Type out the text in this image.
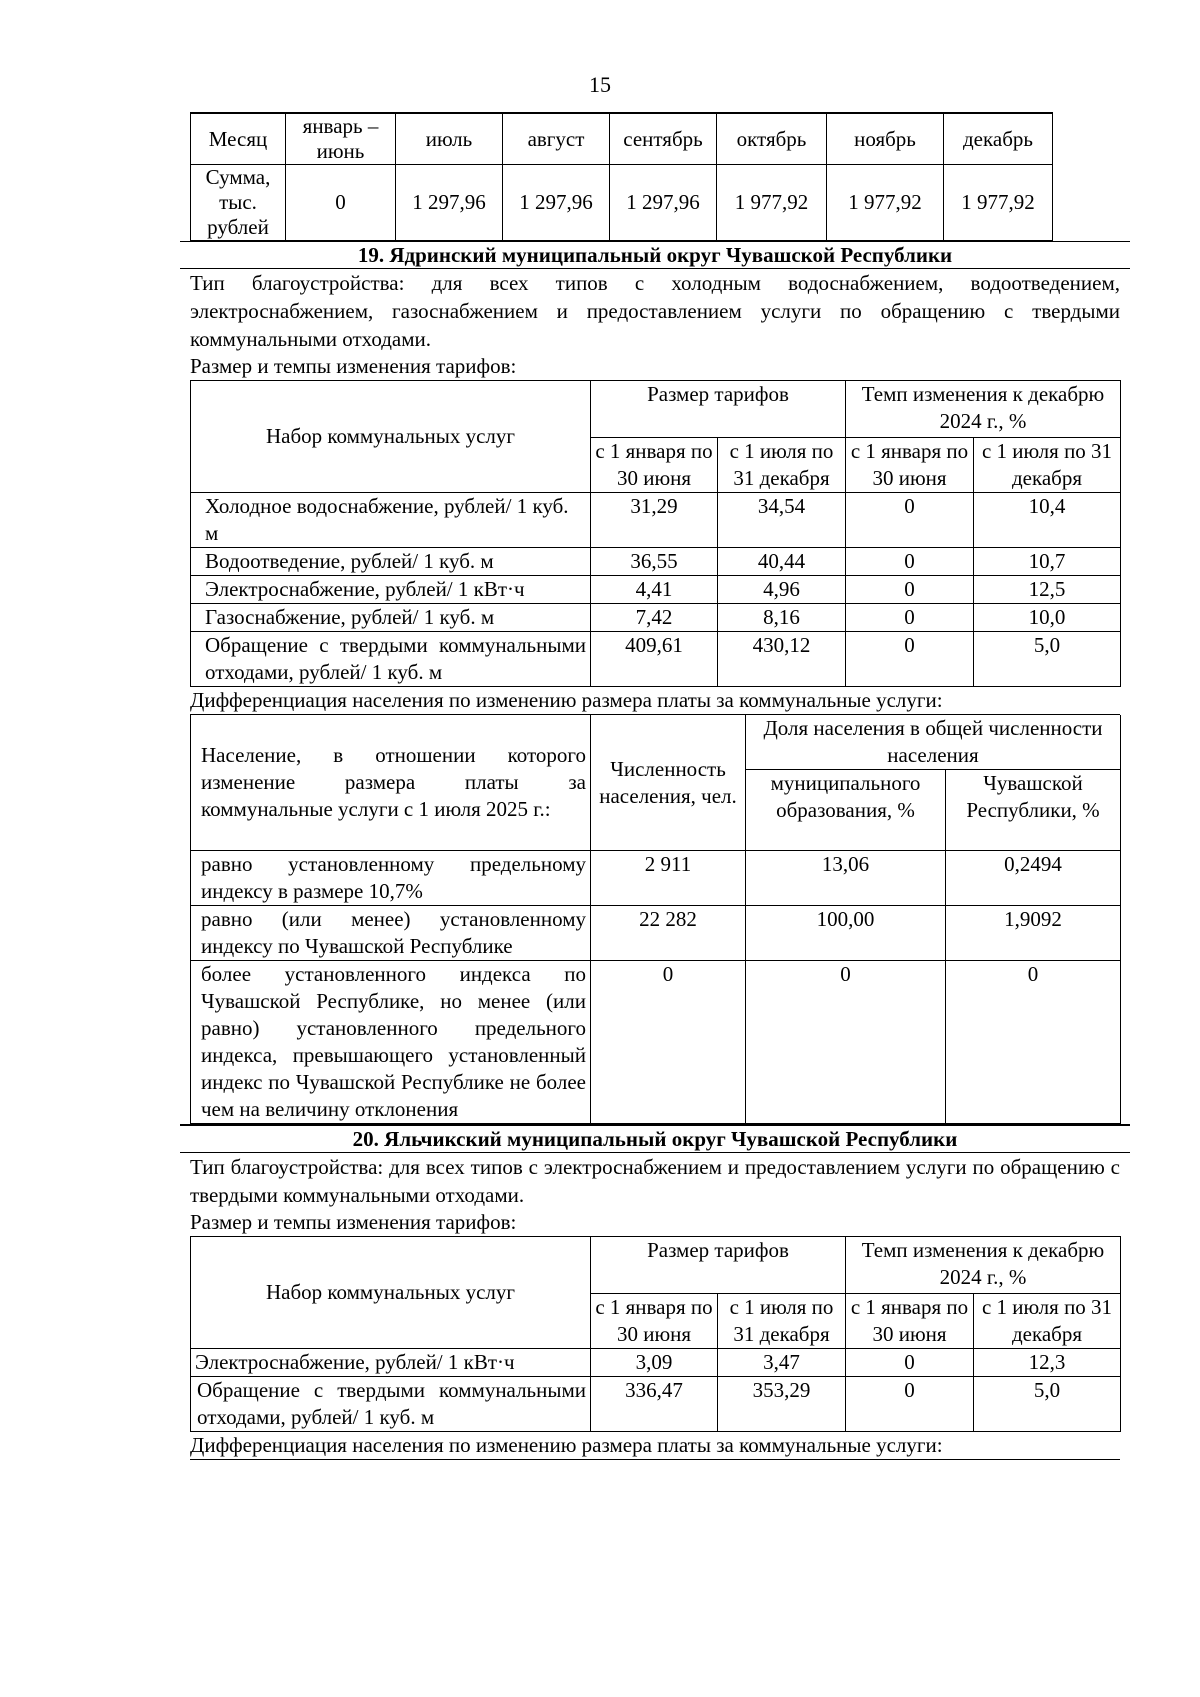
15
Месяц	январь – июнь	июль	август	сентябрь	октябрь	ноябрь	декабрь
Сумма, тыс. рублей	0	1 297,96	1 297,96	1 297,96	1 977,92	1 977,92	1 977,92
19. Ядринский муниципальный округ Чувашской Республики

Тип благоустройства: для всех типов с холодным водоснабжением, водоотведением, электроснабжением, газоснабжением и предоставлением услуги по обращению с твердыми коммунальными отходами.

Размер и темпы изменения тарифов:

Набор коммунальных услуг	Размер тарифов		Темп изменения к декабрю 2024 г., %	
	с 1 января по 30 июня	с 1 июля по 31 декабря	с 1 января по 30 июня	с 1 июля по 31 декабря
Холодное водоснабжение, рублей/ 1 куб. м	31,29	34,54	0	10,4
Водоотведение, рублей/ 1 куб. м	36,55	40,44	0	10,7
Электроснабжение, рублей/ 1 кВт·ч	4,41	4,96	0	12,5
Газоснабжение, рублей/ 1 куб. м	7,42	8,16	0	10,0
Обращение с твердыми коммунальными отходами, рублей/ 1 куб. м	409,61	430,12	0	5,0

Дифференциация населения по изменению размера платы за коммунальные услуги:

Население, в отношении которого изменение размера платы за коммунальные услуги с 1 июля 2025 г.:	Численность населения, чел.	Доля населения в общей численности населения	
		муниципального образования, %	Чувашской Республики, %
равно установленному предельному индексу в размере 10,7%	2 911	13,06	0,2494
равно (или менее) установленному индексу по Чувашской Республике	22 282	100,00	1,9092
более установленного индекса по Чувашской Республике, но менее (или равно) установленного предельного индекса, превышающего установленный индекс по Чувашской Республике не более чем на величину отклонения	0	0	0
20. Яльчикский муниципальный округ Чувашской Республики

Тип благоустройства: для всех типов с электроснабжением и предоставлением услуги по обращению с твердыми коммунальными отходами.

Размер и темпы изменения тарифов:

Набор коммунальных услуг	Размер тарифов		Темп изменения к декабрю 2024 г., %	
	с 1 января по 30 июня	с 1 июля по 31 декабря	с 1 января по 30 июня	с 1 июля по 31 декабря
Электроснабжение, рублей/ 1 кВт·ч	3,09	3,47	0	12,3
Обращение с твердыми коммунальными отходами, рублей/ 1 куб. м	336,47	353,29	0	5,0

Дифференциация населения по изменению размера платы за коммунальные услуги:
